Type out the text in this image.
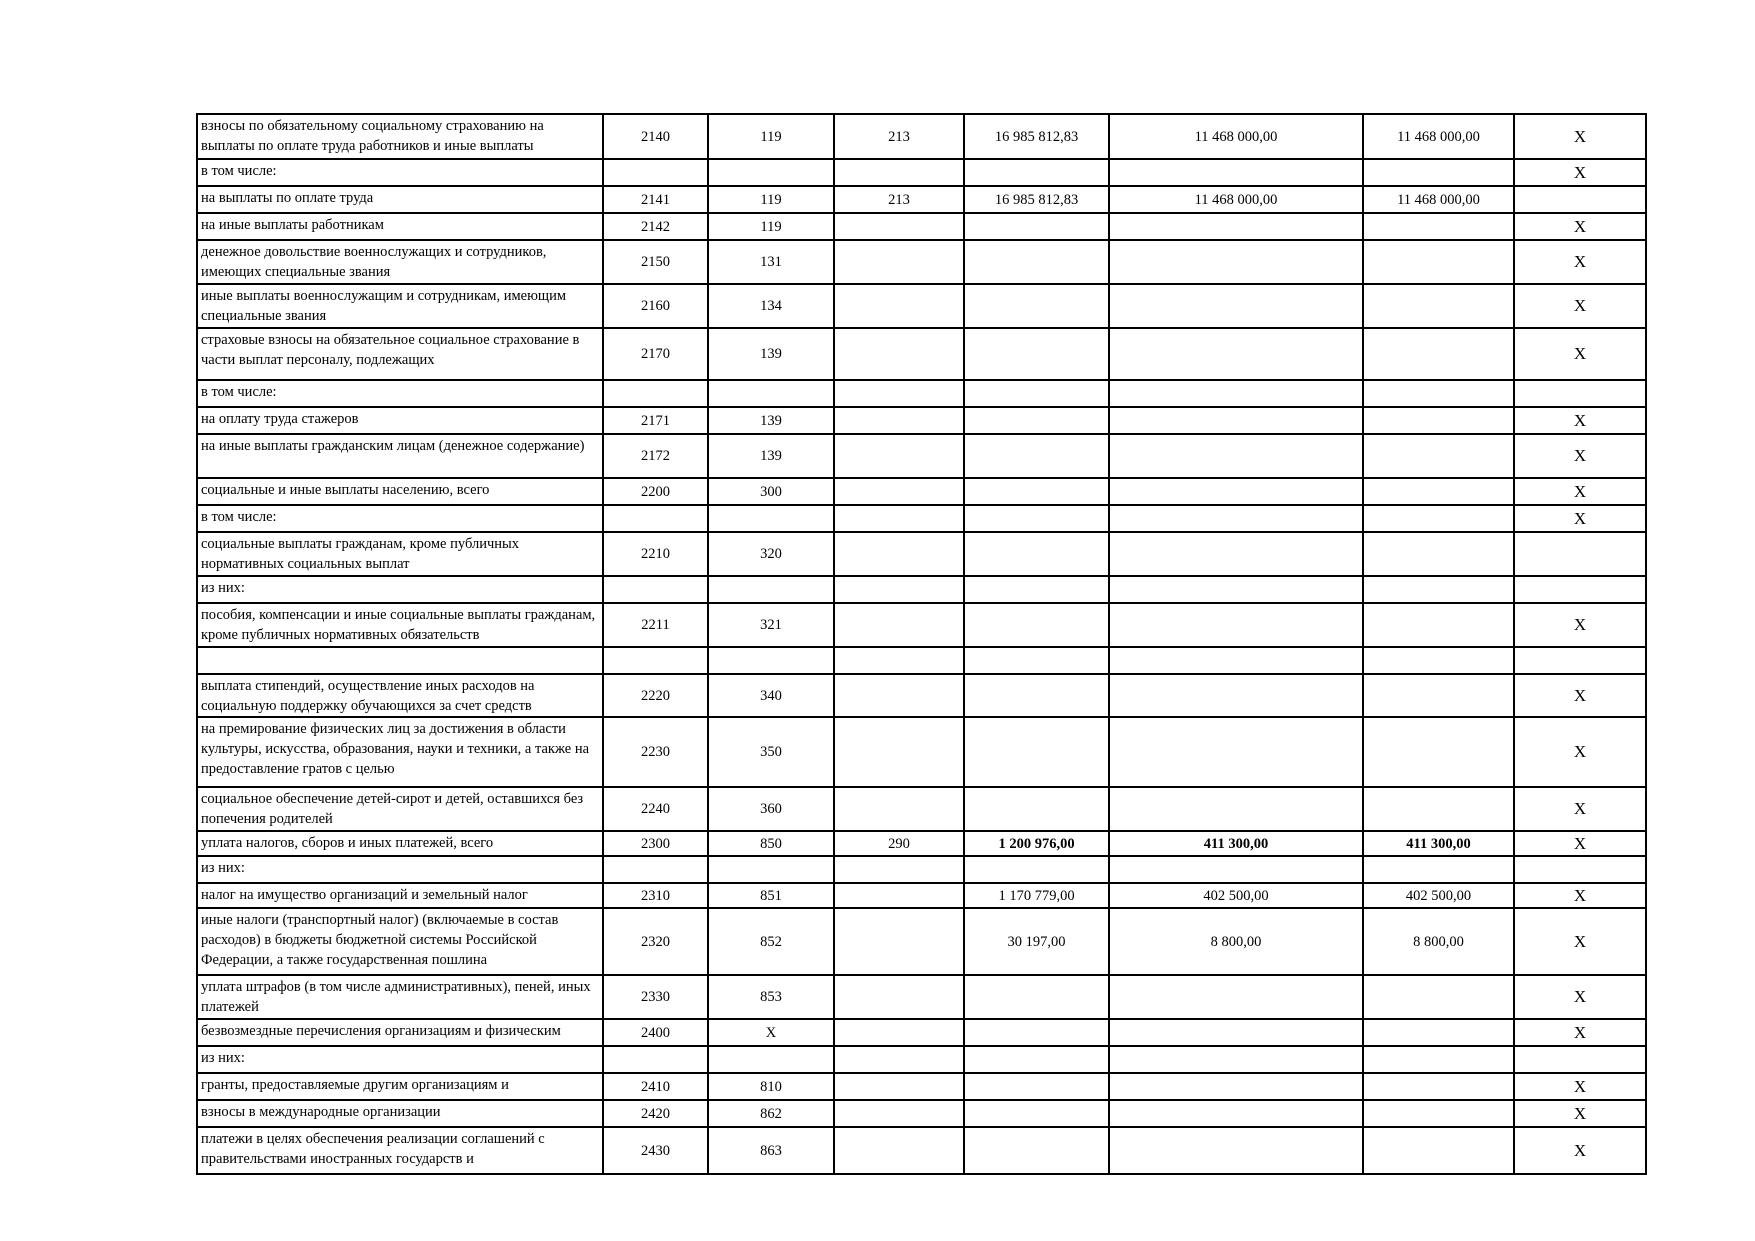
взносы по обязательному социальному страхованию на выплаты по оплате труда работников и иные выплаты	2140	119	213	16 985 812,83	11 468 000,00	11 468 000,00	X

в том числе:							X

на выплаты по оплате труда	2141	119	213	16 985 812,83	11 468 000,00	11 468 000,00	

на иные выплаты работникам	2142	119					X

денежное довольствие военнослужащих и сотрудников, имеющих специальные звания	2150	131					X

иные выплаты военнослужащим и сотрудникам, имеющим специальные звания	2160	134					X

страховые взносы на обязательное социальное страхование в части выплат персоналу, подлежащих	2170	139					X

в том числе:							

на оплату труда стажеров	2171	139					X

на иные выплаты гражданским лицам (денежное содержание)	2172	139					X

социальные и иные выплаты населению, всего	2200	300					X

в том числе:							X

социальные выплаты гражданам, кроме публичных нормативных социальных выплат	2210	320					

из них:							

пособия, компенсации и иные социальные выплаты гражданам, кроме публичных нормативных обязательств	2211	321					X

выплата стипендий, осуществление иных расходов на социальную поддержку обучающихся за счет средств	2220	340					X

на премирование физических лиц за достижения в области культуры, искусства, образования, науки и техники, а также на предоставление гратов с целью	2230	350					X

социальное обеспечение детей-сирот и детей, оставшихся без попечения родителей	2240	360					X

уплата налогов, сборов и иных платежей, всего	2300	850	290	1 200 976,00	411 300,00	411 300,00	X

из них:							

налог на имущество организаций и земельный налог	2310	851		1 170 779,00	402 500,00	402 500,00	X

иные налоги (транспортный налог) (включаемые в состав расходов) в бюджеты бюджетной системы Российской Федерации, а также государственная пошлина	2320	852		30 197,00	8 800,00	8 800,00	X

уплата штрафов (в том числе административных), пеней, иных платежей	2330	853					X

безвозмездные перечисления организациям и физическим	2400	X					X

из них:							

гранты, предоставляемые другим организациям и	2410	810					X

взносы в международные организации	2420	862					X

платежи в целях обеспечения реализации соглашений с правительствами иностранных государств и	2430	863					X
